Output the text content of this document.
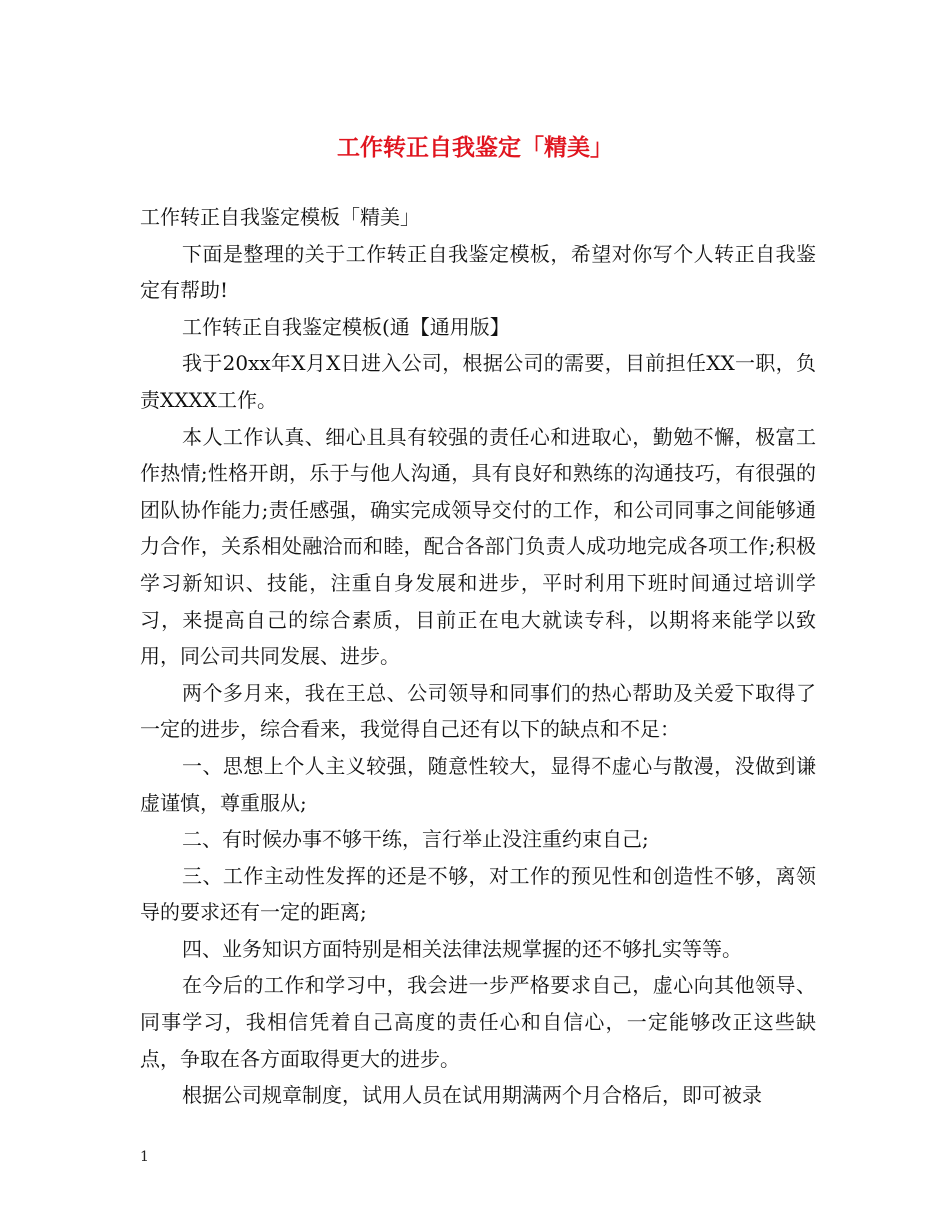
工作转正自我鉴定「精美」

工作转正自我鉴定模板「精美」

下面是整理的关于工作转正自我鉴定模板，希望对你写个人转正自我鉴定有帮助!

工作转正自我鉴定模板(通【通用版】

我于20xx年X月X日进入公司，根据公司的需要，目前担任XX一职，负责XXXX工作。

本人工作认真、细心且具有较强的责任心和进取心，勤勉不懈，极富工作热情;性格开朗，乐于与他人沟通，具有良好和熟练的沟通技巧，有很强的团队协作能力;责任感强，确实完成领导交付的工作，和公司同事之间能够通力合作，关系相处融洽而和睦，配合各部门负责人成功地完成各项工作;积极学习新知识、技能，注重自身发展和进步，平时利用下班时间通过培训学习，来提高自己的综合素质，目前正在电大就读专科，以期将来能学以致用，同公司共同发展、进步。

两个多月来，我在王总、公司领导和同事们的热心帮助及关爱下取得了一定的进步，综合看来，我觉得自己还有以下的缺点和不足：

一、思想上个人主义较强，随意性较大，显得不虚心与散漫，没做到谦虚谨慎，尊重服从;

二、有时候办事不够干练，言行举止没注重约束自己;

三、工作主动性发挥的还是不够，对工作的预见性和创造性不够，离领导的要求还有一定的距离;

四、业务知识方面特别是相关法律法规掌握的还不够扎实等等。

在今后的工作和学习中，我会进一步严格要求自己，虚心向其他领导、同事学习，我相信凭着自己高度的责任心和自信心，一定能够改正这些缺点，争取在各方面取得更大的进步。

根据公司规章制度，试用人员在试用期满两个月合格后，即可被录

1
